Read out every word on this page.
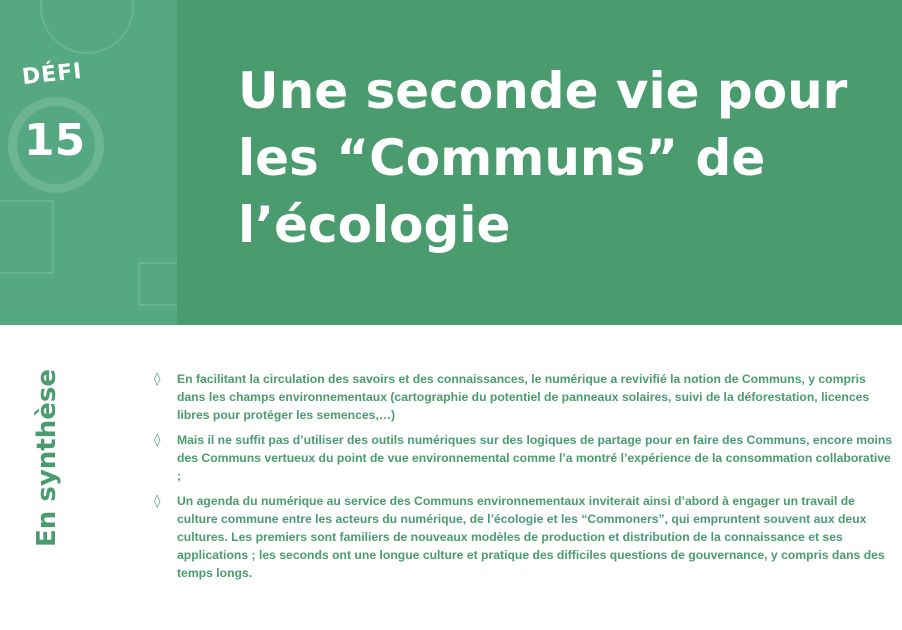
DÉFI
15
Une seconde vie pour
les “Communs” de
l’écologie
En synthèse	◊ En facilitant la circulation des savoirs et des connaissances, le numérique a revivifié la notion de Communs, y compris dans les champs environnementaux (cartographie du potentiel de panneaux solaires, suivi de la déforestation, licences libres pour protéger les semences,…)
◊ Mais il ne suffit pas d’utiliser des outils numériques sur des logiques de partage pour en faire des Communs, encore moins des Communs vertueux du point de vue environnemental comme l’a montré l’expérience de la consommation collaborative ;
◊ Un agenda du numérique au service des Communs environnementaux inviterait ainsi d’abord à engager un travail de culture commune entre les acteurs du numérique, de l’écologie et les “Commoners”, qui empruntent souvent aux deux cultures. Les premiers sont familiers de nouveaux modèles de production et distribution de la connaissance et ses applications ; les seconds ont une longue culture et pratique des difficiles questions de gouvernance, y compris dans des temps longs.
